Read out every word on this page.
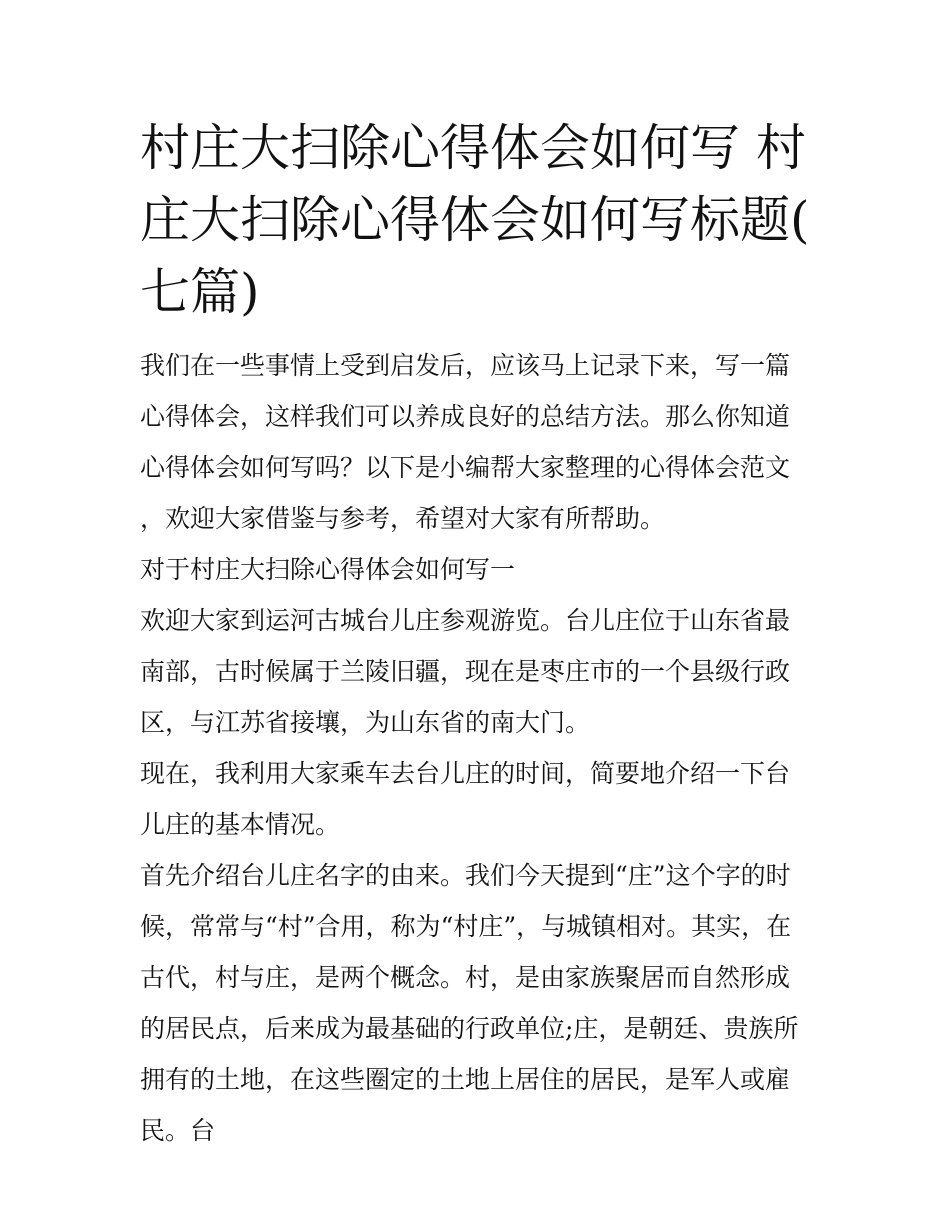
村庄大扫除心得体会如何写 村庄大扫除心得体会如何写标题(七篇)

我们在一些事情上受到启发后，应该马上记录下来，写一篇心得体会，这样我们可以养成良好的总结方法。那么你知道心得体会如何写吗？以下是小编帮大家整理的心得体会范文，欢迎大家借鉴与参考，希望对大家有所帮助。

对于村庄大扫除心得体会如何写一

欢迎大家到运河古城台儿庄参观游览。台儿庄位于山东省最南部，古时候属于兰陵旧疆，现在是枣庄市的一个县级行政区，与江苏省接壤，为山东省的南大门。

现在，我利用大家乘车去台儿庄的时间，简要地介绍一下台儿庄的基本情况。

首先介绍台儿庄名字的由来。我们今天提到“庄”这个字的时候，常常与“村”合用，称为“村庄”，与城镇相对。其实，在古代，村与庄，是两个概念。村，是由家族聚居而自然形成的居民点，后来成为最基础的行政单位;庄，是朝廷、贵族所拥有的土地，在这些圈定的土地上居住的居民，是军人或雇民。台
